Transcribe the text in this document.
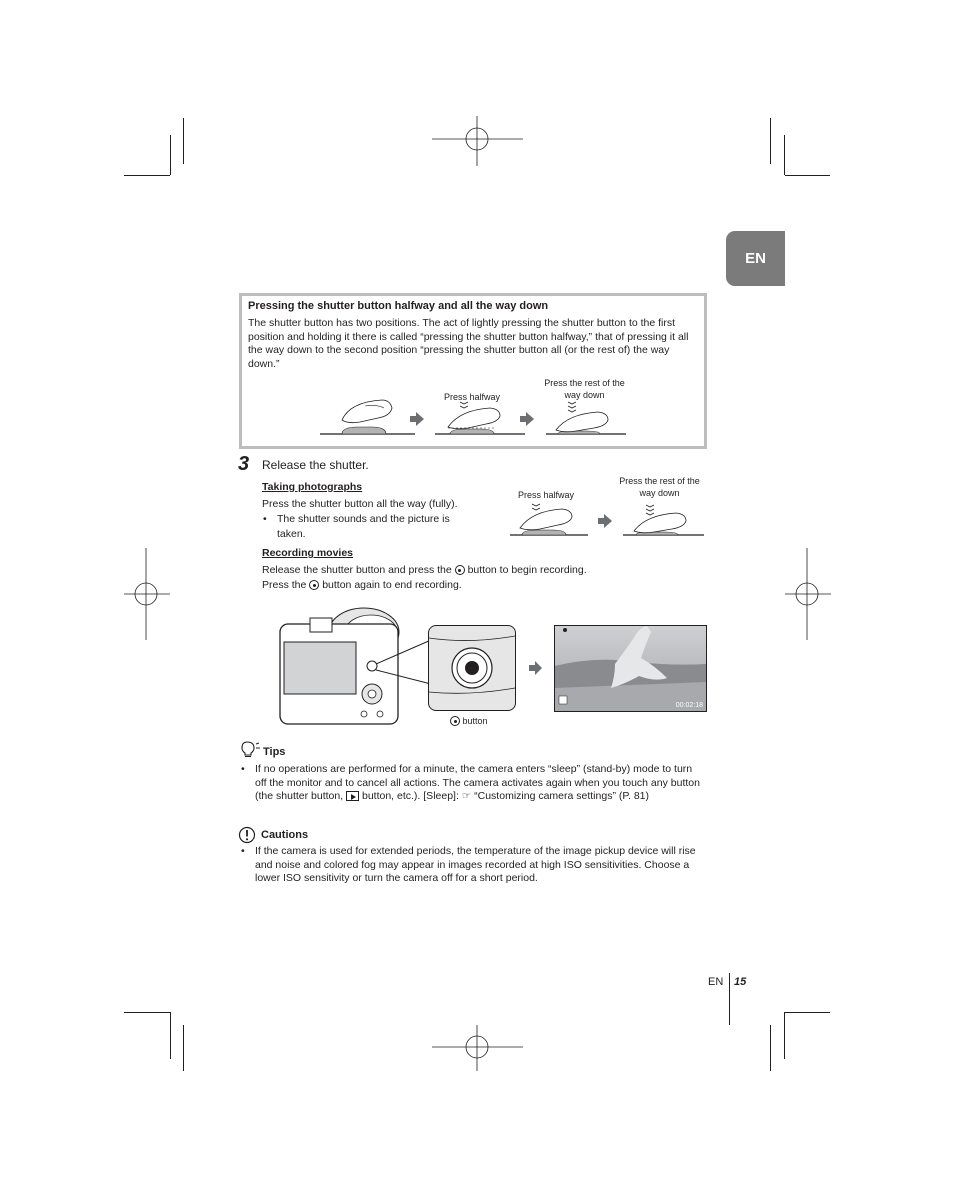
EN
Pressing the shutter button halfway and all the way down
The shutter button has two positions. The act of lightly pressing the shutter button to the first position and holding it there is called “pressing the shutter button halfway,” that of pressing it all the way down to the second position “pressing the shutter button all (or the rest of) the way down.”
Press halfway
Press the rest of the way down
3 Release the shutter.
Taking photographs
Press the shutter button all the way (fully).
• The shutter sounds and the picture is taken.
Press halfway
Press the rest of the way down
Recording movies
Release the shutter button and press the button to begin recording.
Press the button again to end recording.
button
00:02:18
Tips
• If no operations are performed for a minute, the camera enters “sleep” (stand-by) mode to turn off the monitor and to cancel all actions. The camera activates again when you touch any button (the shutter button, button, etc.). [Sleep]: ☞ “Customizing camera settings” (P. 81)
Cautions
• If the camera is used for extended periods, the temperature of the image pickup device will rise and noise and colored fog may appear in images recorded at high ISO sensitivities. Choose a lower ISO sensitivity or turn the camera off for a short period.
EN 15
